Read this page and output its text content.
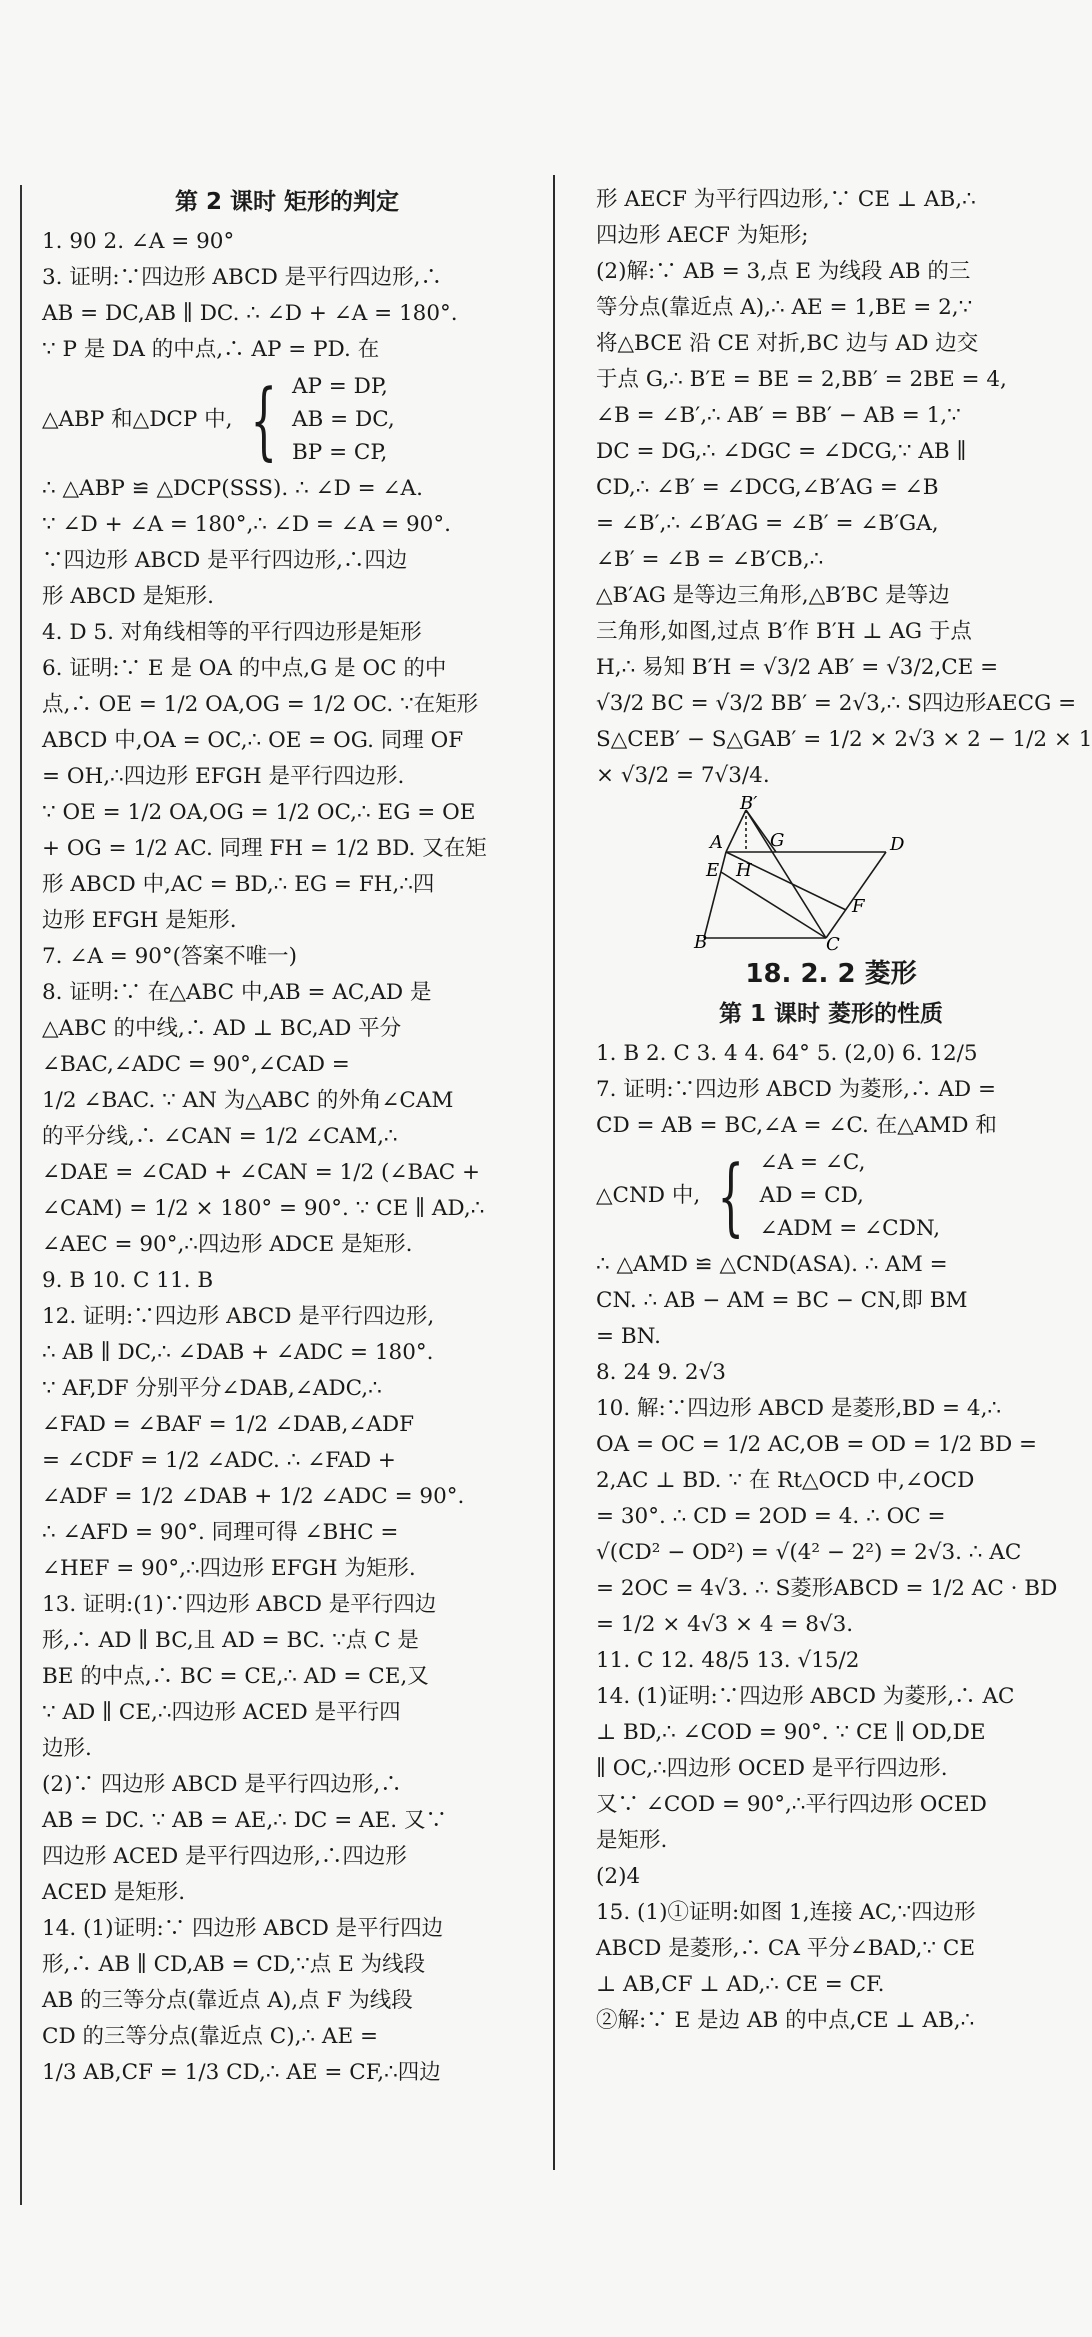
第 2 课时 矩形的判定
1. 90 2. ∠A = 90°
3. 证明:∵四边形 ABCD 是平行四边形,∴
AB = DC,AB ∥ DC. ∴ ∠D + ∠A = 180°.
∵ P 是 DA 的中点,∴ AP = PD. 在
△ABP 和△DCP 中, { AP = DP,
AB = DC,
BP = CP,
∴ △ABP ≌ △DCP(SSS). ∴ ∠D = ∠A.
∵ ∠D + ∠A = 180°,∴ ∠D = ∠A = 90°.
∵四边形 ABCD 是平行四边形,∴四边
形 ABCD 是矩形.
4. D 5. 对角线相等的平行四边形是矩形
6. 证明:∵ E 是 OA 的中点,G 是 OC 的中
点,∴ OE = 1/2 OA,OG = 1/2 OC. ∵在矩形
ABCD 中,OA = OC,∴ OE = OG. 同理 OF
= OH,∴四边形 EFGH 是平行四边形.
∵ OE = 1/2 OA,OG = 1/2 OC,∴ EG = OE
+ OG = 1/2 AC. 同理 FH = 1/2 BD. 又在矩
形 ABCD 中,AC = BD,∴ EG = FH,∴四
边形 EFGH 是矩形.
7. ∠A = 90°(答案不唯一)
8. 证明:∵ 在△ABC 中,AB = AC,AD 是
△ABC 的中线,∴ AD ⊥ BC,AD 平分
∠BAC,∠ADC = 90°,∠CAD =
1/2 ∠BAC. ∵ AN 为△ABC 的外角∠CAM
的平分线,∴ ∠CAN = 1/2 ∠CAM,∴
∠DAE = ∠CAD + ∠CAN = 1/2 (∠BAC +
∠CAM) = 1/2 × 180° = 90°. ∵ CE ∥ AD,∴
∠AEC = 90°,∴四边形 ADCE 是矩形.
9. B 10. C 11. B
12. 证明:∵四边形 ABCD 是平行四边形,
∴ AB ∥ DC,∴ ∠DAB + ∠ADC = 180°.
∵ AF,DF 分别平分∠DAB,∠ADC,∴
∠FAD = ∠BAF = 1/2 ∠DAB,∠ADF
= ∠CDF = 1/2 ∠ADC. ∴ ∠FAD +
∠ADF = 1/2 ∠DAB + 1/2 ∠ADC = 90°.
∴ ∠AFD = 90°. 同理可得 ∠BHC =
∠HEF = 90°,∴四边形 EFGH 为矩形.
13. 证明:(1)∵四边形 ABCD 是平行四边
形,∴ AD ∥ BC,且 AD = BC. ∵点 C 是
BE 的中点,∴ BC = CE,∴ AD = CE,又
∵ AD ∥ CE,∴四边形 ACED 是平行四
边形.
(2)∵ 四边形 ABCD 是平行四边形,∴
AB = DC. ∵ AB = AE,∴ DC = AE. 又∵
四边形 ACED 是平行四边形,∴四边形
ACED 是矩形.
14. (1)证明:∵ 四边形 ABCD 是平行四边
形,∴ AB ∥ CD,AB = CD,∵点 E 为线段
AB 的三等分点(靠近点 A),点 F 为线段
CD 的三等分点(靠近点 C),∴ AE =
1/3 AB,CF = 1/3 CD,∴ AE = CF,∴四边
形 AECF 为平行四边形,∵ CE ⊥ AB,∴
四边形 AECF 为矩形;
(2)解:∵ AB = 3,点 E 为线段 AB 的三
等分点(靠近点 A),∴ AE = 1,BE = 2,∵
将△BCE 沿 CE 对折,BC 边与 AD 边交
于点 G,∴ B′E = BE = 2,BB′ = 2BE = 4,
∠B = ∠B′,∴ AB′ = BB′ − AB = 1,∵
DC = DG,∴ ∠DGC = ∠DCG,∵ AB ∥
CD,∴ ∠B′ = ∠DCG,∠B′AG = ∠B
= ∠B′,∴ ∠B′AG = ∠B′ = ∠B′GA,
∠B′ = ∠B = ∠B′CB,∴
△B′AG 是等边三角形,△B′BC 是等边
三角形,如图,过点 B′作 B′H ⊥ AG 于点
H,∴ 易知 B′H = √3/2 AB′ = √3/2,CE =
√3/2 BC = √3/2 BB′ = 2√3,∴ S四边形AECG =
S△CEB′ − S△GAB′ = 1/2 × 2√3 × 2 − 1/2 × 1
× √3/2 = 7√3/4.
B′
A	G	D
E H
F
B	C
18. 2. 2 菱形
第 1 课时 菱形的性质
1. B 2. C 3. 4 4. 64° 5. (2,0) 6. 12/5
7. 证明:∵四边形 ABCD 为菱形,∴ AD =
CD = AB = BC,∠A = ∠C. 在△AMD 和
△CND 中, { ∠A = ∠C,
AD = CD,
∠ADM = ∠CDN,
∴ △AMD ≌ △CND(ASA). ∴ AM =
CN. ∴ AB − AM = BC − CN,即 BM
= BN.
8. 24 9. 2√3
10. 解:∵四边形 ABCD 是菱形,BD = 4,∴
OA = OC = 1/2 AC,OB = OD = 1/2 BD =
2,AC ⊥ BD. ∵ 在 Rt△OCD 中,∠OCD
= 30°. ∴ CD = 2OD = 4. ∴ OC =
√(CD² − OD²) = √(4² − 2²) = 2√3. ∴ AC
= 2OC = 4√3. ∴ S菱形ABCD = 1/2 AC · BD
= 1/2 × 4√3 × 4 = 8√3.
11. C 12. 48/5 13. √15/2
14. (1)证明:∵四边形 ABCD 为菱形,∴ AC
⊥ BD,∴ ∠COD = 90°. ∵ CE ∥ OD,DE
∥ OC,∴四边形 OCED 是平行四边形.
又∵ ∠COD = 90°,∴平行四边形 OCED
是矩形.
(2)4
15. (1)①证明:如图 1,连接 AC,∵四边形
ABCD 是菱形,∴ CA 平分∠BAD,∵ CE
⊥ AB,CF ⊥ AD,∴ CE = CF.
②解:∵ E 是边 AB 的中点,CE ⊥ AB,∴
